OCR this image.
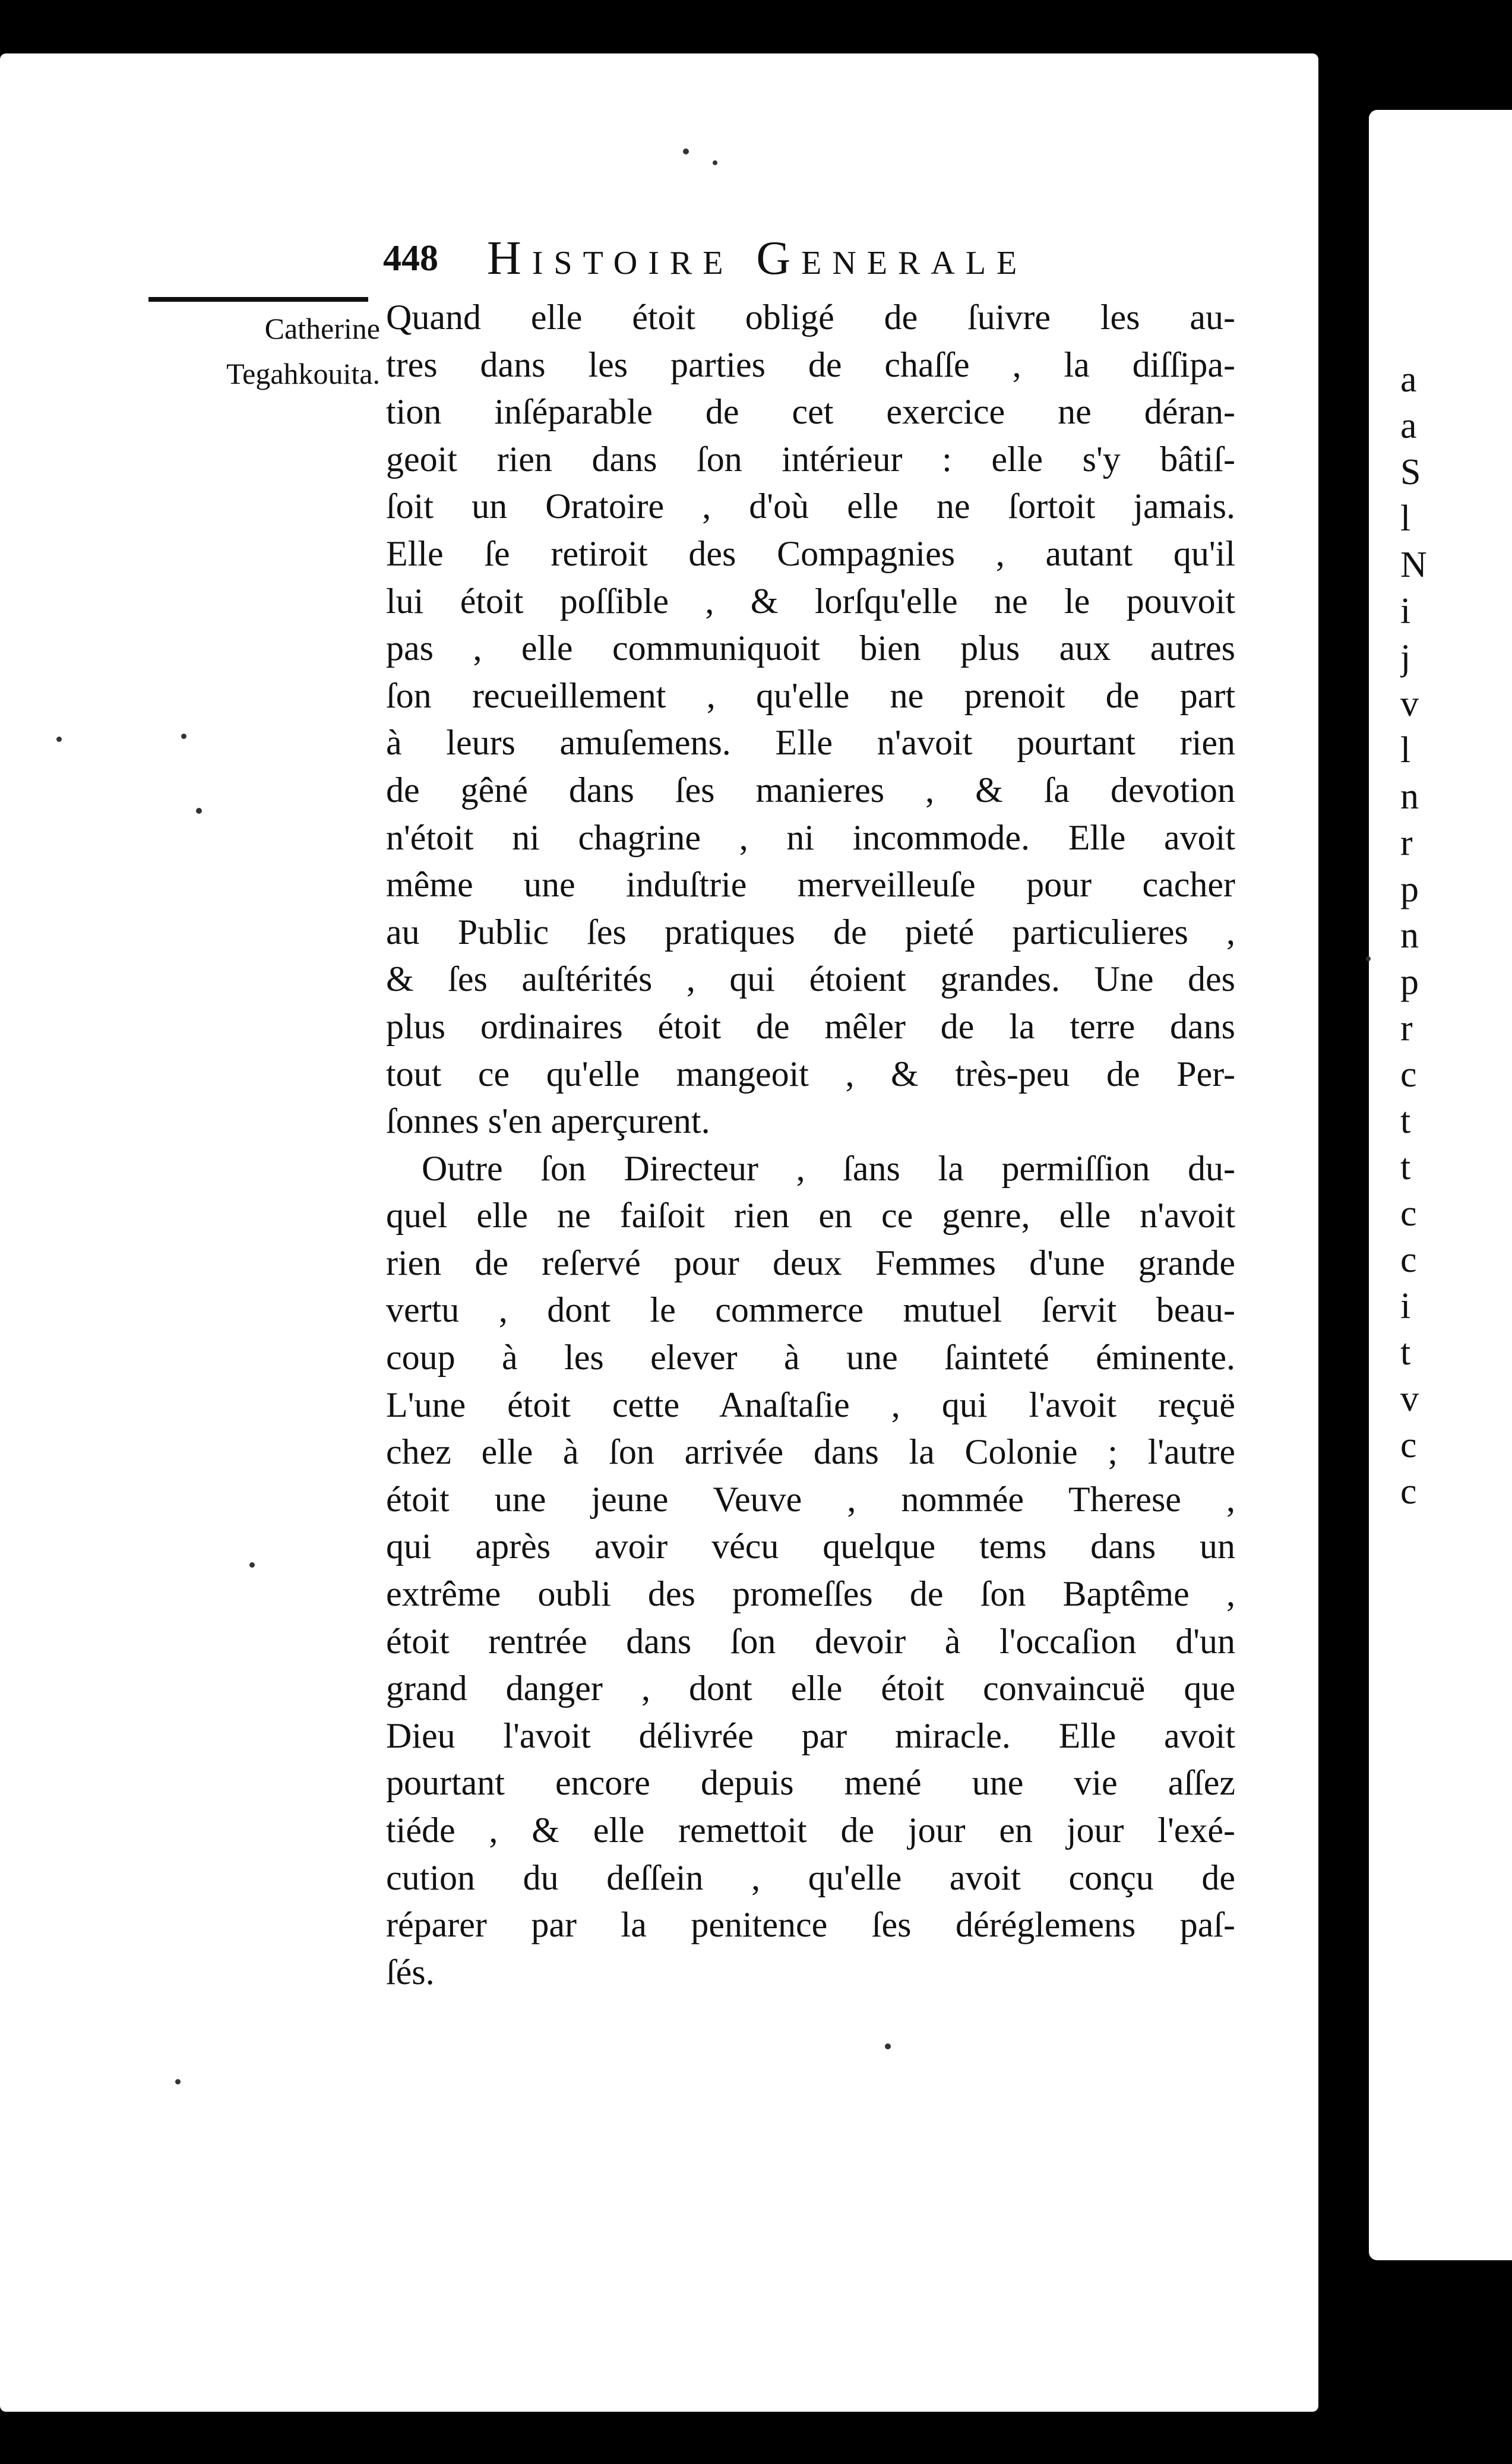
448 Histoire Generale
Catherine
Tegahkouita.
Quand elle étoit obligé de ſuivre les au-
tres dans les parties de chaſſe , la diſſipa-
tion inſéparable de cet exercice ne déran-
geoit rien dans ſon intérieur : elle s'y bâtiſ-
ſoit un Oratoire , d'où elle ne ſortoit jamais.
Elle ſe retiroit des Compagnies , autant qu'il
lui étoit poſſible , & lorſqu'elle ne le pouvoit
pas , elle communiquoit bien plus aux autres
ſon recueillement , qu'elle ne prenoit de part
à leurs amuſemens. Elle n'avoit pourtant rien
de gêné dans ſes manieres , & ſa devotion
n'étoit ni chagrine , ni incommode. Elle avoit
même une induſtrie merveilleuſe pour cacher
au Public ſes pratiques de pieté particulieres ,
& ſes auſtérités , qui étoient grandes. Une des
plus ordinaires étoit de mêler de la terre dans
tout ce qu'elle mangeoit , & très-peu de Per-
ſonnes s'en aperçurent.
Outre ſon Directeur , ſans la permiſſion du-
quel elle ne faiſoit rien en ce genre, elle n'avoit
rien de reſervé pour deux Femmes d'une grande
vertu , dont le commerce mutuel ſervit beau-
coup à les elever à une ſainteté éminente.
L'une étoit cette Anaſtaſie , qui l'avoit reçuë
chez elle à ſon arrivée dans la Colonie ; l'autre
étoit une jeune Veuve , nommée Therese ,
qui après avoir vécu quelque tems dans un
extrême oubli des promeſſes de ſon Baptême ,
étoit rentrée dans ſon devoir à l'occaſion d'un
grand danger , dont elle étoit convaincuë que
Dieu l'avoit délivrée par miracle. Elle avoit
pourtant encore depuis mené une vie aſſez
tiéde , & elle remettoit de jour en jour l'exé-
cution du deſſein , qu'elle avoit conçu de
réparer par la penitence ſes déréglemens paſ-
ſés.
a
a
S
l
N
i
j
v
l
n
r
p
n
p
r
c
t
t
c
c
i
t
v
c
c
